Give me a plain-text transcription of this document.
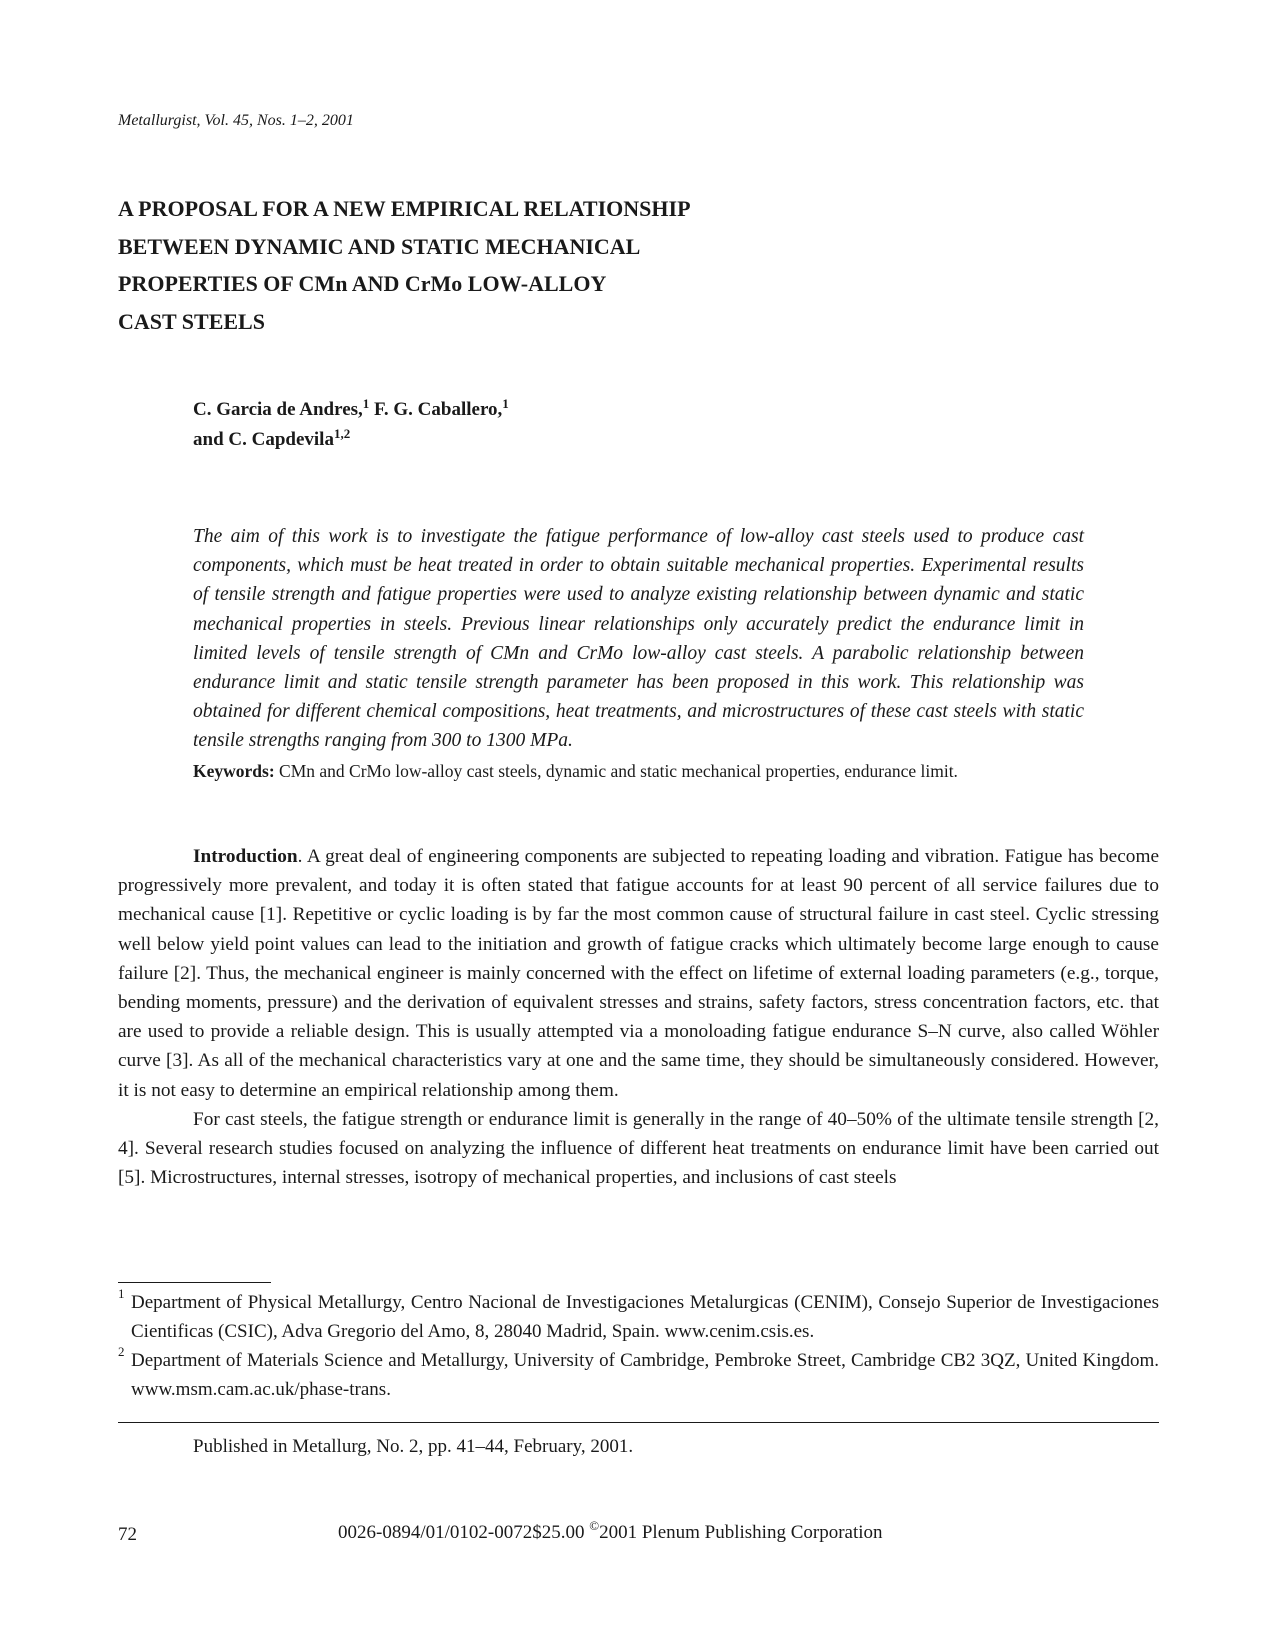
Metallurgist, Vol. 45, Nos. 1–2, 2001
A PROPOSAL FOR A NEW EMPIRICAL RELATIONSHIP
BETWEEN DYNAMIC AND STATIC MECHANICAL
PROPERTIES OF CMn AND CrMo LOW-ALLOY
CAST STEELS
C. Garcia de Andres,$^1$ F. G. Caballero,$^1$
and C. Capdevila$^{1,2}$

The aim of this work is to investigate the fatigue performance of low-alloy cast steels used to produce cast components, which must be heat treated in order to obtain suitable mechanical properties. Experimental results of tensile strength and fatigue properties were used to analyze existing relationship between dynamic and static mechanical properties in steels. Previous linear relationships only accurately predict the endurance limit in limited levels of tensile strength of CMn and CrMo low-alloy cast steels. A parabolic relationship between endurance limit and static tensile strength parameter has been proposed in this work. This relationship was obtained for different chemical compositions, heat treatments, and microstructures of these cast steels with static tensile strengths ranging from 300 to 1300 MPa.

Keywords: CMn and CrMo low-alloy cast steels, dynamic and static mechanical properties, endurance limit.

Introduction. A great deal of engineering components are subjected to repeating loading and vibration. Fatigue has become progressively more prevalent, and today it is often stated that fatigue accounts for at least 90 percent of all service failures due to mechanical cause [1]. Repetitive or cyclic loading is by far the most common cause of structural failure in cast steel. Cyclic stressing well below yield point values can lead to the initiation and growth of fatigue cracks which ultimately become large enough to cause failure [2]. Thus, the mechanical engineer is mainly concerned with the effect on lifetime of external loading parameters (e.g., torque, bending moments, pressure) and the derivation of equivalent stresses and strains, safety factors, stress concentration factors, etc. that are used to provide a reliable design. This is usually attempted via a monoloading fatigue endurance S–N curve, also called Wöhler curve [3]. As all of the mechanical characteristics vary at one and the same time, they should be simultaneously considered. However, it is not easy to determine an empirical relationship among them.

For cast steels, the fatigue strength or endurance limit is generally in the range of 40–50% of the ultimate tensile strength [2, 4]. Several research studies focused on analyzing the influence of different heat treatments on endurance limit have been carried out [5]. Microstructures, internal stresses, isotropy of mechanical properties, and inclusions of cast steels

1 Department of Physical Metallurgy, Centro Nacional de Investigaciones Metalurgicas (CENIM), Consejo Superior de Investigaciones Cientificas (CSIC), Adva Gregorio del Amo, 8, 28040 Madrid, Spain. www.cenim.csis.es.
2 Department of Materials Science and Metallurgy, University of Cambridge, Pembroke Street, Cambridge CB2 3QZ, United Kingdom. www.msm.cam.ac.uk/phase-trans.
Published in Metallurg, No. 2, pp. 41–44, February, 2001.
72	0026-0894/01/0102-0072$25.00 ©2001 Plenum Publishing Corporation
